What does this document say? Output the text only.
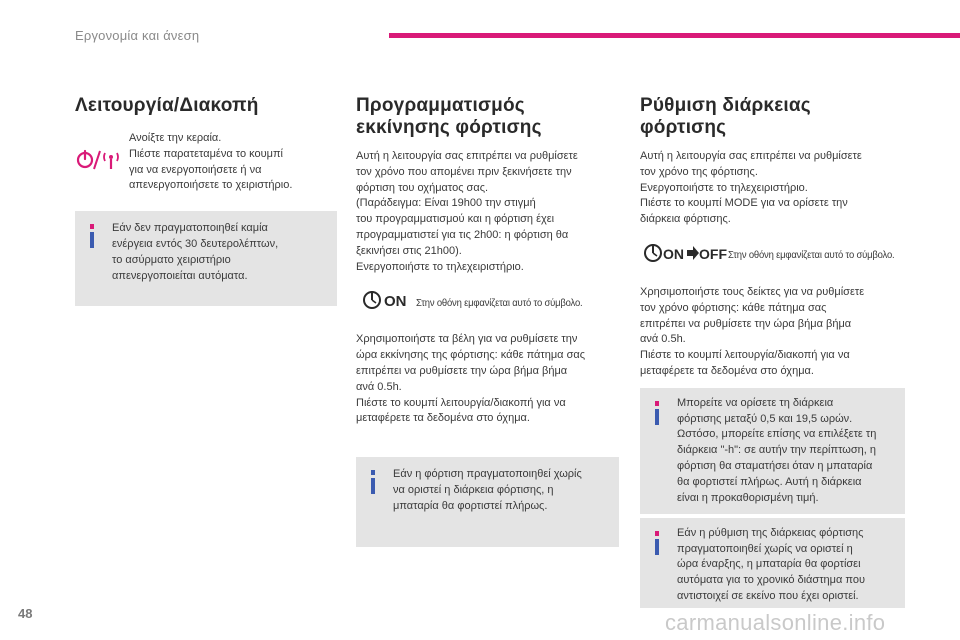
Εργονομία και άνεση
Λειτουργία/Διακοπή

Ανοίξτε την κεραία.
Πιέστε παρατεταμένα το κουμπί
για να ενεργοποιήσετε ή να
απενεργοποιήσετε το χειριστήριο.

Εάν δεν πραγματοποιηθεί καμία
ενέργεια εντός 30 δευτερολέπτων,
το ασύρματο χειριστήριο
απενεργοποιείται αυτόματα.

Προγραμματισμός εκκίνησης φόρτισης

Αυτή η λειτουργία σας επιτρέπει να ρυθμίσετε
τον χρόνο που απομένει πριν ξεκινήσετε την
φόρτιση του οχήματος σας.
(Παράδειγμα: Είναι 19h00 την στιγμή
του προγραμματισμού και η φόρτιση έχει
προγραμματιστεί για τις 2h00: η φόρτιση θα
ξεκινήσει στις 21h00).
Ενεργοποιήστε το τηλεχειριστήριο.

ON Στην οθόνη εμφανίζεται αυτό το σύμβολο.

Χρησιμοποιήστε τα βέλη για να ρυθμίσετε την
ώρα εκκίνησης της φόρτισης: κάθε πάτημα σας
επιτρέπει να ρυθμίσετε την ώρα βήμα βήμα
ανά 0.5h.
Πιέστε το κουμπί λειτουργία/διακοπή για να
μεταφέρετε τα δεδομένα στο όχημα.

Εάν η φόρτιση πραγματοποιηθεί χωρίς
να οριστεί η διάρκεια φόρτισης, η
μπαταρία θα φορτιστεί πλήρως.

Ρύθμιση διάρκειας φόρτισης

Αυτή η λειτουργία σας επιτρέπει να ρυθμίσετε
τον χρόνο της φόρτισης.
Ενεργοποιήστε το τηλεχειριστήριο.
Πιέστε το κουμπί MODE για να ορίσετε την
διάρκεια φόρτισης.

ON OFF Στην οθόνη εμφανίζεται αυτό το σύμβολο.

Χρησιμοποιήστε τους δείκτες για να ρυθμίσετε
τον χρόνο φόρτισης: κάθε πάτημα σας
επιτρέπει να ρυθμίσετε την ώρα βήμα βήμα
ανά 0.5h.
Πιέστε το κουμπί λειτουργία/διακοπή για να
μεταφέρετε τα δεδομένα στο όχημα.

Μπορείτε να ορίσετε τη διάρκεια
φόρτισης μεταξύ 0,5 και 19,5 ωρών.
Ωστόσο, μπορείτε επίσης να επιλέξετε τη
διάρκεια "-h": σε αυτήν την περίπτωση, η
φόρτιση θα σταματήσει όταν η μπαταρία
θα φορτιστεί πλήρως. Αυτή η διάρκεια
είναι η προκαθορισμένη τιμή.

Εάν η ρύθμιση της διάρκειας φόρτισης
πραγματοποιηθεί χωρίς να οριστεί η
ώρα έναρξης, η μπαταρία θα φορτίσει
αυτόματα για το χρονικό διάστημα που
αντιστοιχεί σε εκείνο που έχει οριστεί.

48	carmanualsonline.info
